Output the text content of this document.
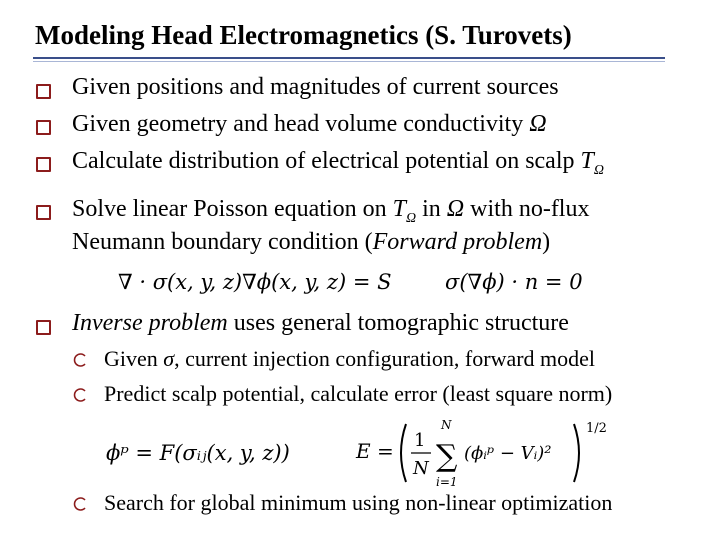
Modeling Head Electromagnetics (S. Turovets)
Given positions and magnitudes of current sources
Given geometry and head volume conductivity Ω
Calculate distribution of electrical potential on scalp $T_\Omega$
Solve linear Poisson equation on $T_\Omega$ in Ω with no-flux
Neumann boundary condition (Forward problem)
∇ · σ(x, y, z)∇ϕ(x, y, z) = S	σ(∇ϕ) · n = 0
Inverse problem uses general tomographic structure
Given σ, current injection configuration, forward model
Predict scalp potential, calculate error (least square norm)
ϕᵖ = F(σᵢⱼ(x, y, z))	E = 1
N
N
∑
i=1
(ϕᵢᵖ − Vᵢ)²
1/2
Search for global minimum using non-linear optimization
